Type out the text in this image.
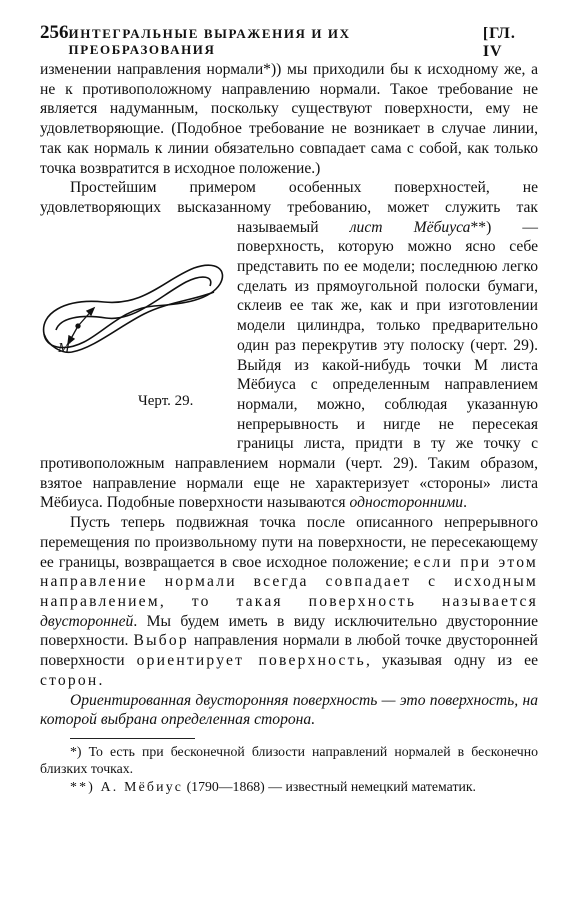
256 ИНТЕГРАЛЬНЫЕ ВЫРАЖЕНИЯ И ИХ ПРЕОБРАЗОВАНИЯ
[ГЛ. IV

изменении направления нормали*)) мы приходили бы к исходному же, а не к противоположному направлению нормали. Такое требование не является надуманным, поскольку существуют поверхности, ему не удовлетворяющие. (Подобное требование не возникает в случае линии, так как нормаль к линии обязательно совпадает сама с собой, как только точка возвратится в исходное положение.)

Простейшим примером особенных поверхностей, не удовлетворяющих высказанному требованию, может служить так называемый лист Мёбиуса
M
Черт. 29.
**) — поверхность, которую можно ясно себе представить по ее модели; последнюю легко сделать из прямоугольной полоски бумаги, склеив ее так же, как и при изготовлении модели цилиндра, только предварительно один раз перекрутив эту полоску (черт. 29). Выйдя из какой-нибудь точки M листа Мёбиуса с определенным направлением нормали, можно, соблюдая указанную непрерывность и нигде не пересекая границы листа, придти в ту же точку с противоположным направлением нормали (черт. 29). Таким образом, взятое направление нормали еще не характеризует «стороны» листа Мёбиуса. Подобные поверхности называются односторонними.

Пусть теперь подвижная точка после описанного непрерывного перемещения по произвольному пути на поверхности, не пересекающему ее границы, возвращается в свое исходное положение; если при этом направление нормали всегда совпадает с исходным направлением, то такая поверхность называется двусторонней. Мы будем иметь в виду исключительно двусторонние поверхности. Выбор направления нормали в любой точке двусторонней поверхности ориентирует поверхность, указывая одну из ее сторон.

Ориентированная двусторонняя поверхность — это поверхность, на которой выбрана определенная сторона.

*) То есть при бесконечной близости направлений нормалей в бесконечно близких точках.

**) А. Мёбиус (1790—1868) — известный немецкий математик.
